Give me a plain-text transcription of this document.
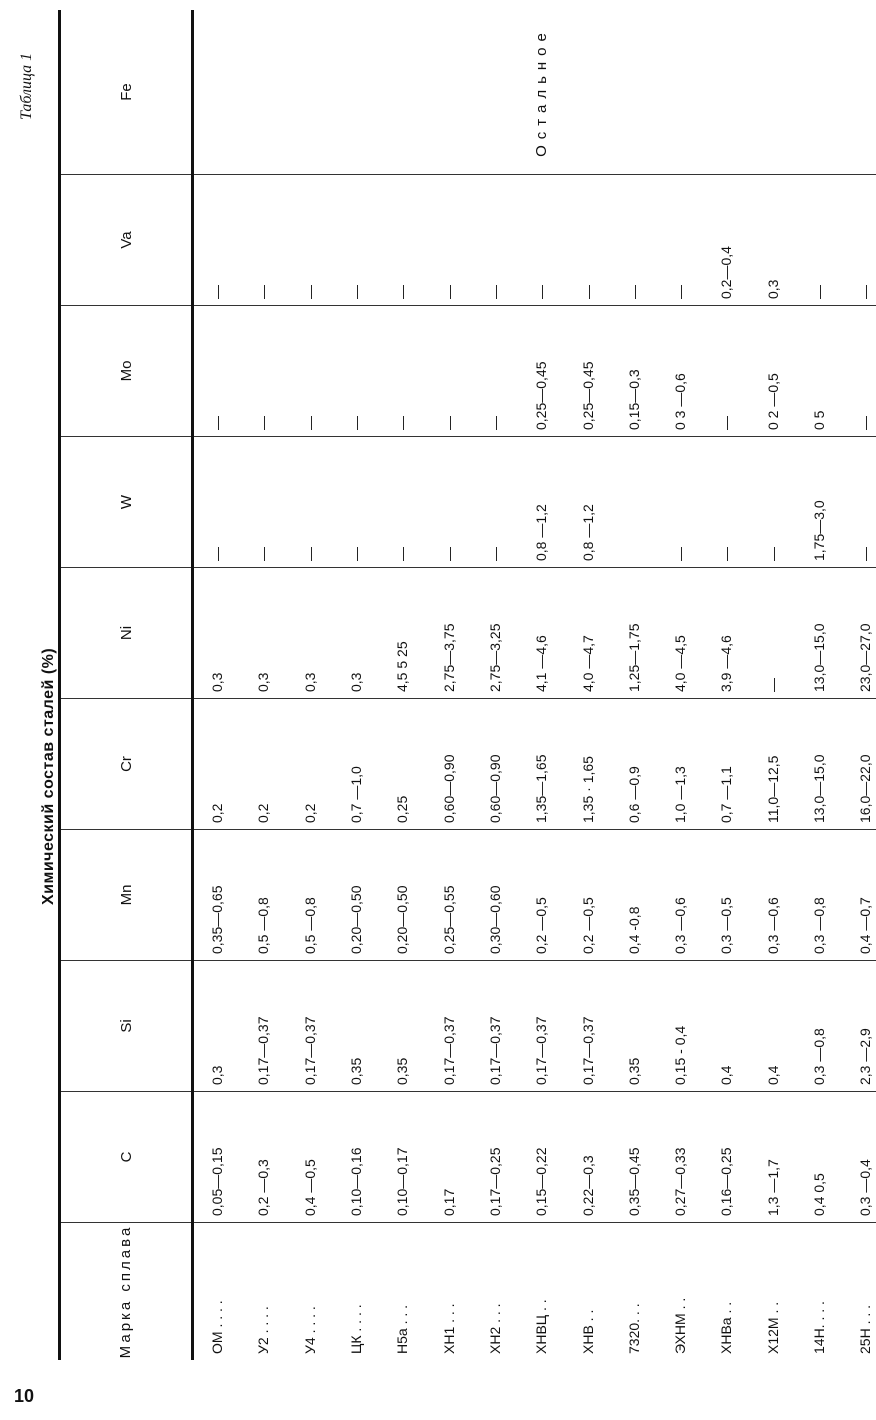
10
Таблица 1
Химический состав сталей (%)
Марка сплава	C	Si	Mn	Cr	Ni	W	Mo	Va	Fe
ОМ . . . .	0,05—0,15	0,3	0,35—0,65	0,2	0,3	—	—	—	Остальное
У2 . . . .	0,2 —0,3	0,17—0,37	0,5 —0,8	0,2	0,3	—	—	—	
У4 . . . .	0,4 —0,5	0,17—0,37	0,5 —0,8	0,2	0,3	—	—	—	
ЦК . . . .	0,10—0,16	0,35	0,20—0,50	0,7 —1,0	0,3	—	—	—	
Н5а . . .	0,10—0,17	0,35	0,20—0,50	0,25	4,5 5 25	—	—	—	
ХН1 . . .	0,17	0,17—0,37	0,25—0,55	0,60—0,90	2,75—3,75	—	—	—	
ХН2 . . .	0,17—0,25	0,17—0,37	0,30—0,60	0,60—0,90	2,75—3,25	—	—	—	
ХНВЦ . .	0,15—0,22	0,17—0,37	0,2 —0,5	1,35—1,65	4,1 —4,6	0,8 —1,2	0,25—0,45	—	
ХНВ . .	0,22—0,3	0,17—0,37	0,2 —0,5	1,35 · 1,65	4,0 —4,7	0,8 —1,2	0,25—0,45	—	
7320. . .	0,35—0,45	0,35	0,4 -0,8	0,6 —0,9	1,25—1,75		0,15—0,3	—	
ЭХНМ . .	0,27—0,33	0,15 - 0,4	0,3 —0,6	1,0 —1,3	4,0 —4,5	—	0 3 —0,6	—	
ХНВа . .	0,16—0,25	0,4	0,3 —0,5	0,7 —1,1	3,9 —4,6	—	—	0,2—0,4	
Х12М . .	1,3 —1,7	0,4	0,3 —0,6	11,0—12,5	—	—	0 2 —0,5	0,3	
14Н. . . .	0,4 0,5	0,3 —0,8	0,3 —0,8	13,0—15,0	13,0—15,0	1,75—3,0	0 5	—	
25Н . . .	0,3 —0,4	2,3 —2,9	0,4 —0,7	16,0—22,0	23,0—27,0	—	—	—	
